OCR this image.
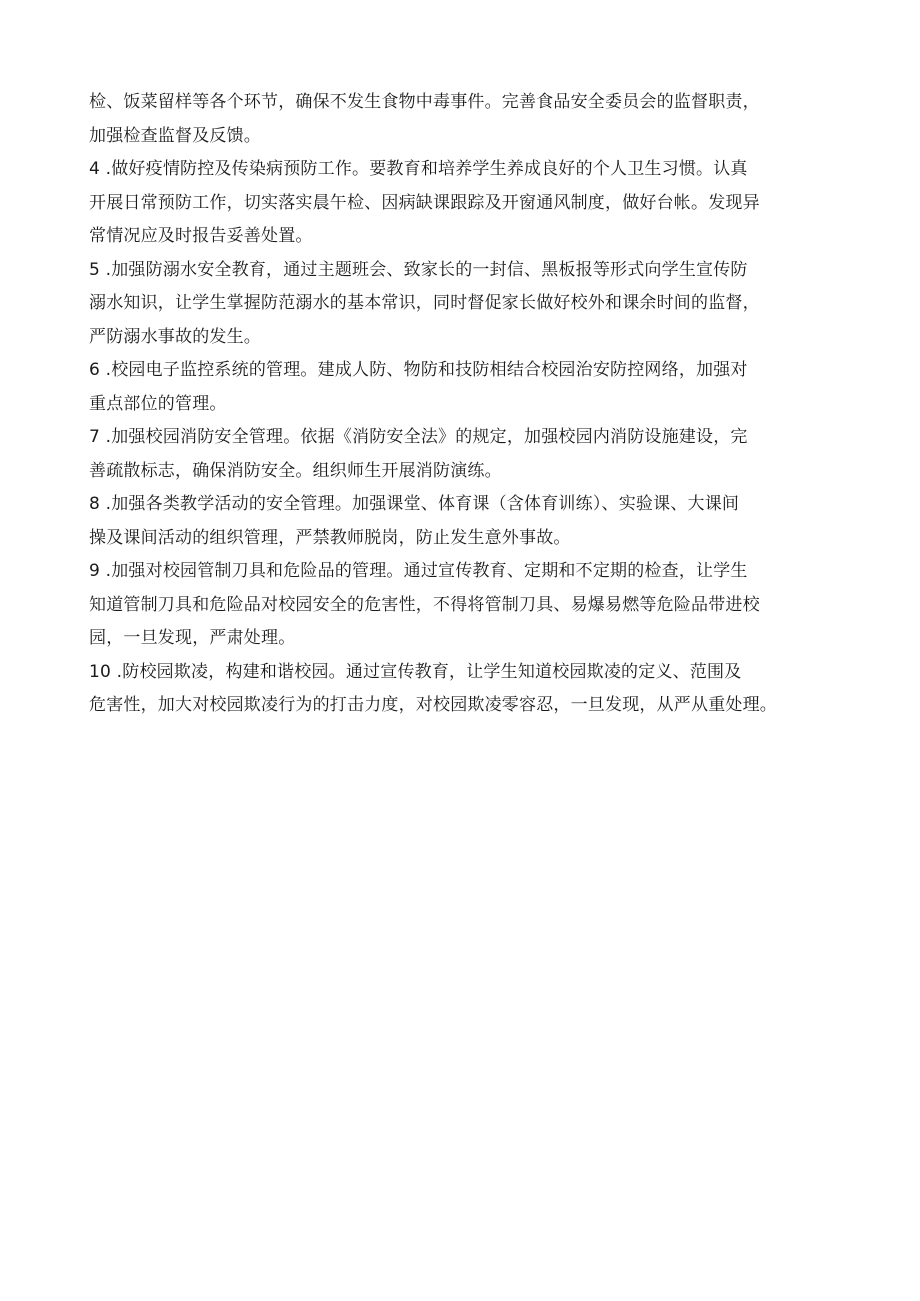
检、饭菜留样等各个环节，确保不发生食物中毒事件。完善食品安全委员会的监督职责，
加强检查监督及反馈。

4 .做好疫情防控及传染病预防工作。要教育和培养学生养成良好的个人卫生习惯。认真
开展日常预防工作，切实落实晨午检、因病缺课跟踪及开窗通风制度，做好台帐。发现异
常情况应及时报告妥善处置。

5 .加强防溺水安全教育，通过主题班会、致家长的一封信、黑板报等形式向学生宣传防
溺水知识，让学生掌握防范溺水的基本常识，同时督促家长做好校外和课余时间的监督，
严防溺水事故的发生。

6 .校园电子监控系统的管理。建成人防、物防和技防相结合校园治安防控网络，加强对
重点部位的管理。

7 .加强校园消防安全管理。依据《消防安全法》的规定，加强校园内消防设施建设，完
善疏散标志，确保消防安全。组织师生开展消防演练。

8 .加强各类教学活动的安全管理。加强课堂、体育课（含体育训练）、实验课、大课间
操及课间活动的组织管理，严禁教师脱岗，防止发生意外事故。

9 .加强对校园管制刀具和危险品的管理。通过宣传教育、定期和不定期的检查，让学生
知道管制刀具和危险品对校园安全的危害性，不得将管制刀具、易爆易燃等危险品带进校
园，一旦发现，严肃处理。

10 .防校园欺凌，构建和谐校园。通过宣传教育，让学生知道校园欺凌的定义、范围及
危害性，加大对校园欺凌行为的打击力度，对校园欺凌零容忍，一旦发现，从严从重处理。
